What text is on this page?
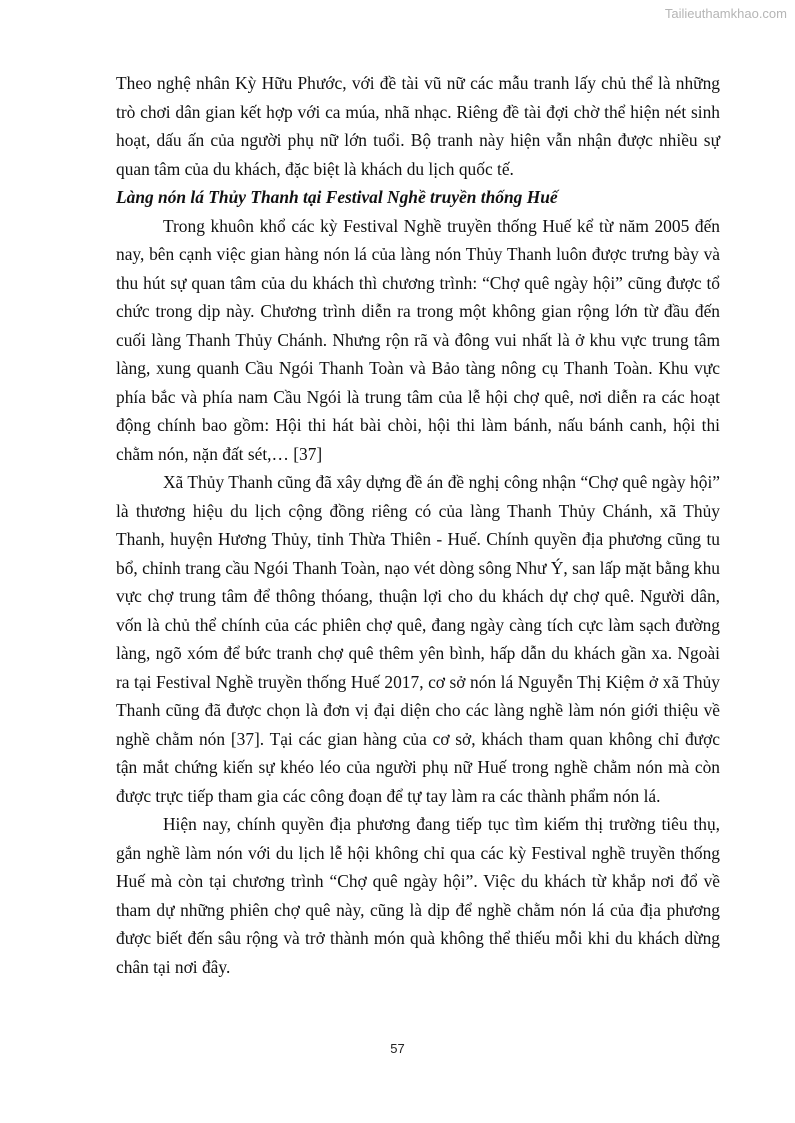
Tailieuthamkhao.com

Theo nghệ nhân Kỳ Hữu Phước, với đề tài vũ nữ các mẫu tranh lấy chủ thể là những trò chơi dân gian kết hợp với ca múa, nhã nhạc. Riêng đề tài đợi chờ thể hiện nét sinh hoạt, dấu ấn của người phụ nữ lớn tuổi. Bộ tranh này hiện vẫn nhận được nhiều sự quan tâm của du khách, đặc biệt là khách du lịch quốc tế.

Làng nón lá Thủy Thanh tại Festival Nghề truyền thống Huế

Trong khuôn khổ các kỳ Festival Nghề truyền thống Huế kể từ năm 2005 đến nay, bên cạnh việc gian hàng nón lá của làng nón Thủy Thanh luôn được trưng bày và thu hút sự quan tâm của du khách thì chương trình: “Chợ quê ngày hội” cũng được tổ chức trong dịp này. Chương trình diễn ra trong một không gian rộng lớn từ đầu đến cuối làng Thanh Thủy Chánh. Nhưng rộn rã và đông vui nhất là ở khu vực trung tâm làng, xung quanh Cầu Ngói Thanh Toàn và Bảo tàng nông cụ Thanh Toàn. Khu vực phía bắc và phía nam Cầu Ngói là trung tâm của lễ hội chợ quê, nơi diễn ra các hoạt động chính bao gồm: Hội thi hát bài chòi, hội thi làm bánh, nấu bánh canh, hội thi chằm nón, nặn đất sét,… [37]

Xã Thủy Thanh cũng đã xây dựng đề án đề nghị công nhận “Chợ quê ngày hội” là thương hiệu du lịch cộng đồng riêng có của làng Thanh Thủy Chánh, xã Thủy Thanh, huyện Hương Thủy, tỉnh Thừa Thiên - Huế. Chính quyền địa phương cũng tu bổ, chỉnh trang cầu Ngói Thanh Toàn, nạo vét dòng sông Như Ý, san lấp mặt bằng khu vực chợ trung tâm để thông thóang, thuận lợi cho du khách dự chợ quê. Người dân, vốn là chủ thể chính của các phiên chợ quê, đang ngày càng tích cực làm sạch đường làng, ngõ xóm để bức tranh chợ quê thêm yên bình, hấp dẫn du khách gần xa. Ngoài ra tại Festival Nghề truyền thống Huế 2017, cơ sở nón lá Nguyễn Thị Kiệm ở xã Thủy Thanh cũng đã được chọn là đơn vị đại diện cho các làng nghề làm nón giới thiệu về nghề chằm nón [37]. Tại các gian hàng của cơ sở, khách tham quan không chỉ được tận mắt chứng kiến sự khéo léo của người phụ nữ Huế trong nghề chằm nón mà còn được trực tiếp tham gia các công đoạn để tự tay làm ra các thành phẩm nón lá.

Hiện nay, chính quyền địa phương đang tiếp tục tìm kiếm thị trường tiêu thụ, gắn nghề làm nón với du lịch lễ hội không chỉ qua các kỳ Festival nghề truyền thống Huế mà còn tại chương trình “Chợ quê ngày hội”. Việc du khách từ khắp nơi đổ về tham dự những phiên chợ quê này, cũng là dịp để nghề chằm nón lá của địa phương được biết đến sâu rộng và trở thành món quà không thể thiếu mỗi khi du khách dừng chân tại nơi đây.

57
